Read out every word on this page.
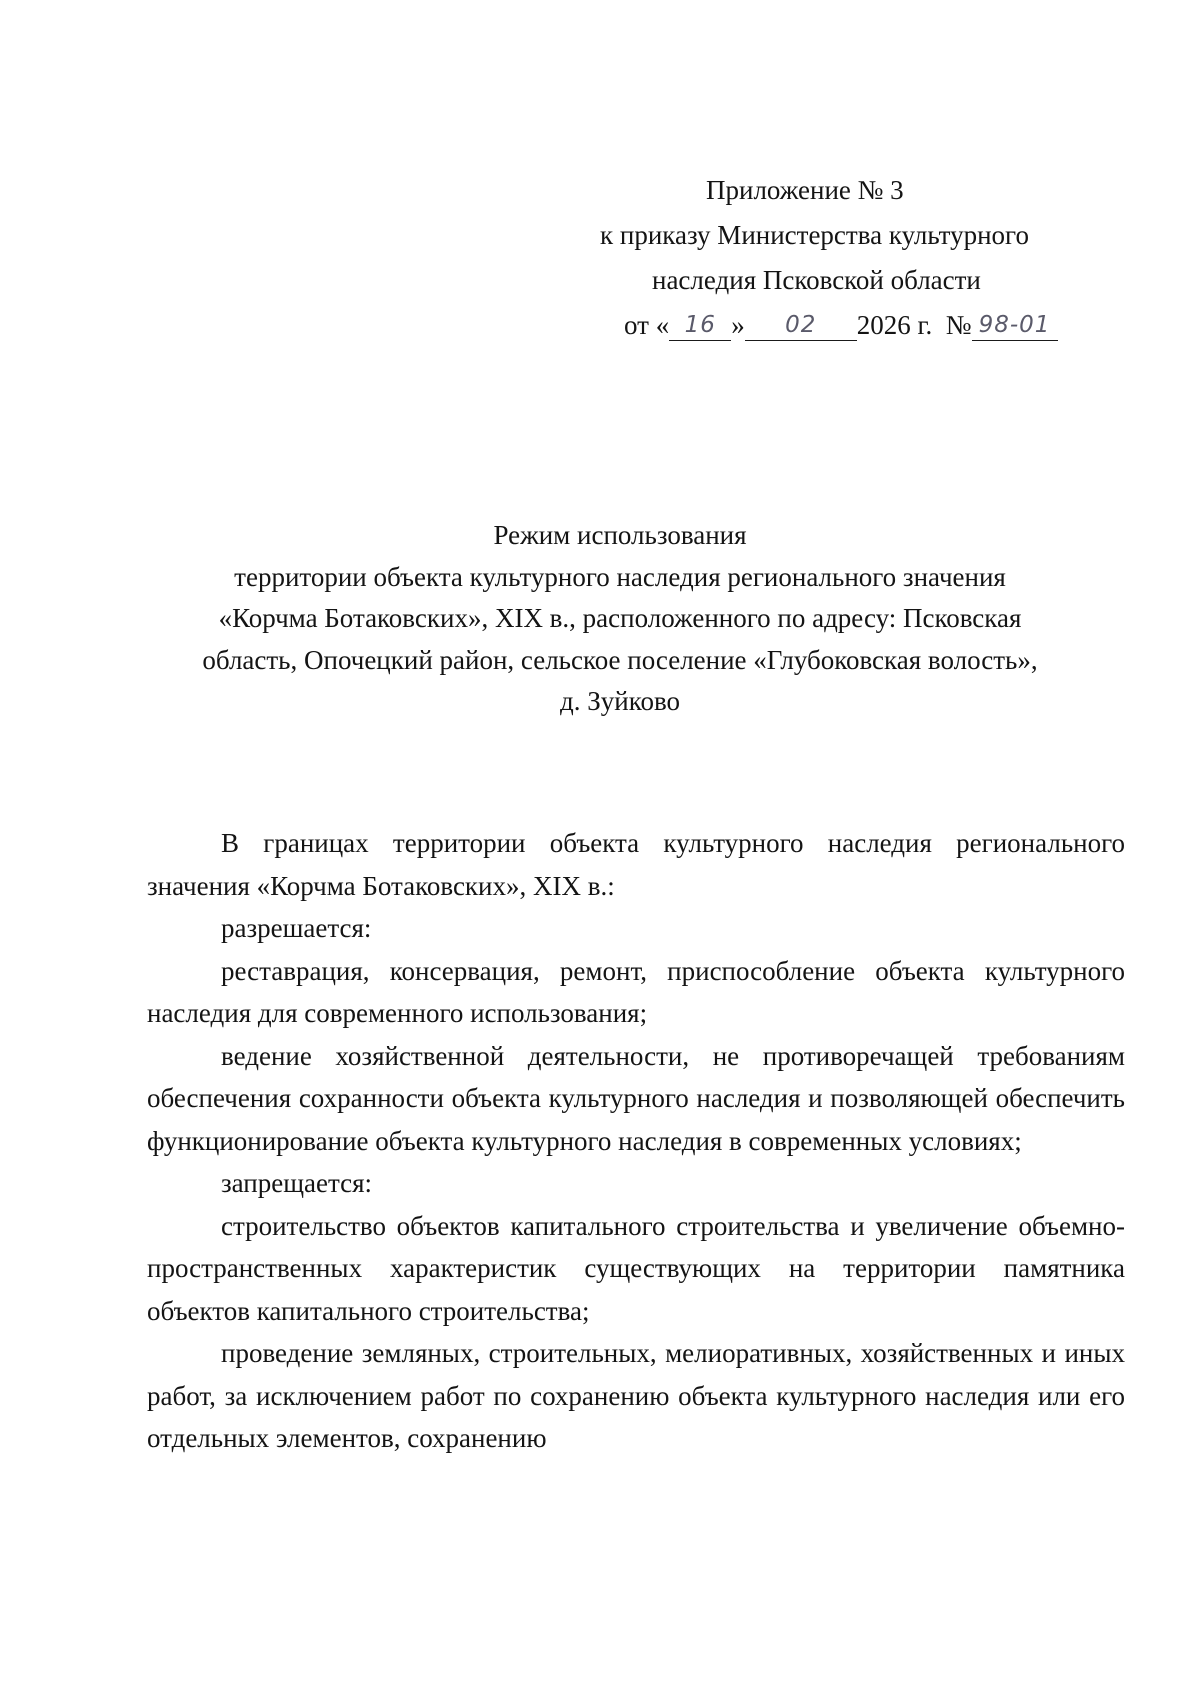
Приложение № 3
к приказу Министерства культурного
наследия Псковской области
от « 16 » 02 2026 г. № 98-01
Режим использования
территории объекта культурного наследия регионального значения
«Корчма Ботаковских», XIX в., расположенного по адресу: Псковская
область, Опочецкий район, сельское поселение «Глубоковская волость»,
д. Зуйково

В границах территории объекта культурного наследия регионального значения «Корчма Ботаковских», XIX в.:

разрешается:

реставрация, консервация, ремонт, приспособление объекта культурного наследия для современного использования;

ведение хозяйственной деятельности, не противоречащей требованиям обеспечения сохранности объекта культурного наследия и позволяющей обеспечить функционирование объекта культурного наследия в современных условиях;

запрещается:

строительство объектов капитального строительства и увеличение объемно-пространственных характеристик существующих на территории памятника объектов капитального строительства;

проведение земляных, строительных, мелиоративных, хозяйственных и иных работ, за исключением работ по сохранению объекта культурного наследия или его отдельных элементов, сохранению
